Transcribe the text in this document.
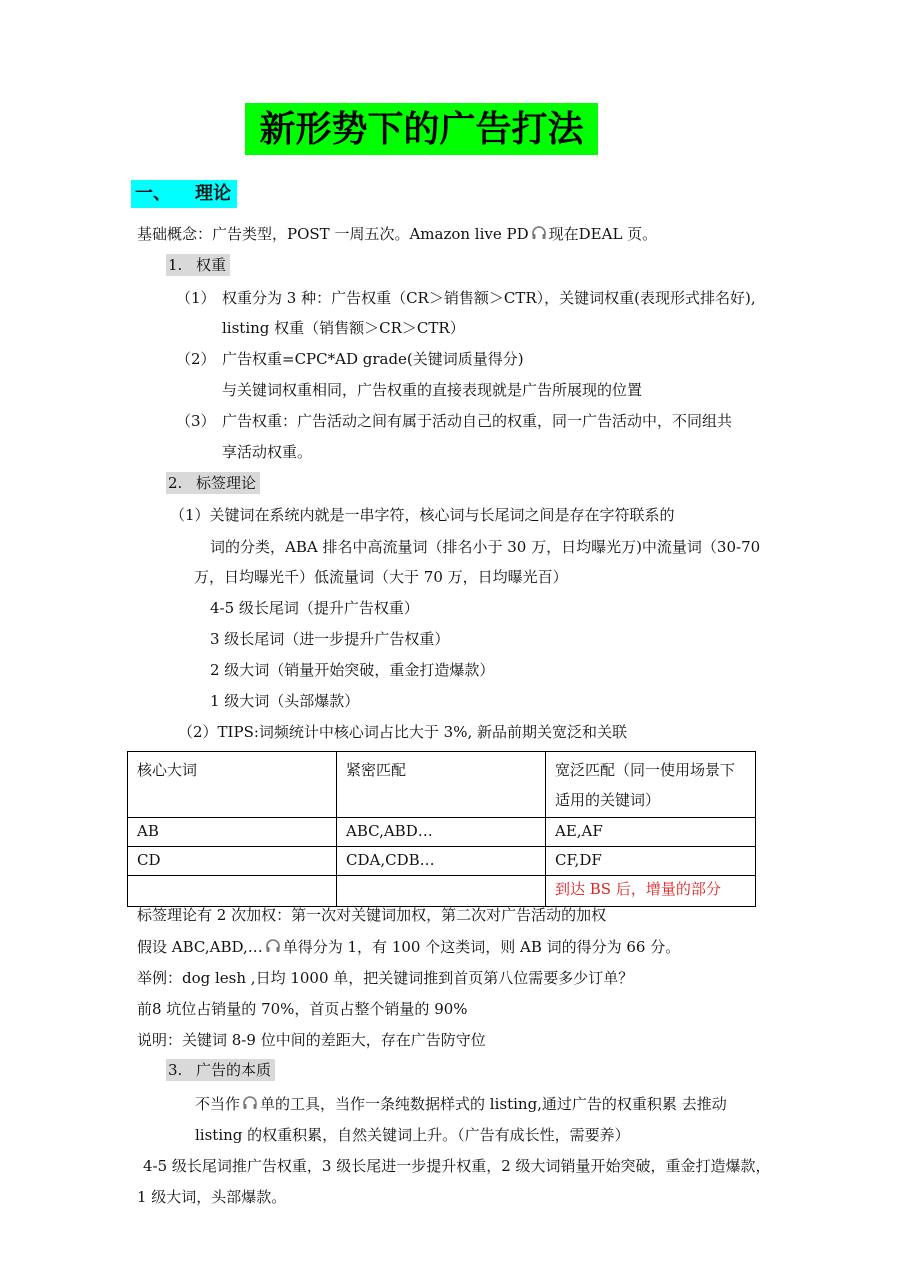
新形势下的广告打法
一、 理论
基础概念：广告类型，POST 一周五次。Amazon live PD 现在DEAL 页。
1. 权重
（1） 权重分为 3 种：广告权重（CR＞销售额＞CTR），关键词权重(表现形式排名好),
listing 权重（销售额＞CR＞CTR）
（2） 广告权重=CPC*AD grade(关键词质量得分)
与关键词权重相同，广告权重的直接表现就是广告所展现的位置
（3） 广告权重：广告活动之间有属于活动自己的权重，同一广告活动中，不同组共
享活动权重。
2. 标签理论
（1）关键词在系统内就是一串字符，核心词与长尾词之间是存在字符联系的
词的分类，ABA 排名中高流量词（排名小于 30 万，日均曝光万)中流量词（30-70
万，日均曝光千）低流量词（大于 70 万，日均曝光百）
4-5 级长尾词（提升广告权重）
3 级长尾词（进一步提升广告权重）
2 级大词（销量开始突破，重金打造爆款）
1 级大词（头部爆款）
（2）TIPS:词频统计中核心词占比大于 3%, 新品前期关宽泛和关联
核心大词	紧密匹配	宽泛匹配（同一使用场景下适用的关键词）
AB	ABC,ABD…	AE,AF
CD	CDA,CDB…	CF,DF
		到达 BS 后，增量的部分
标签理论有 2 次加权：第一次对关键词加权，第二次对广告活动的加权
假设 ABC,ABD,… 单得分为 1，有 100 个这类词，则 AB 词的得分为 66 分。
举例：dog lesh ,日均 1000 单，把关键词推到首页第八位需要多少订单？
前8 坑位占销量的 70%，首页占整个销量的 90%
说明：关键词 8-9 位中间的差距大，存在广告防守位
3. 广告的本质
不当作 单的工具，当作一条纯数据样式的 listing,通过广告的权重积累 去推动
listing 的权重积累，自然关键词上升。（广告有成长性，需要养）
4-5 级长尾词推广告权重，3 级长尾进一步提升权重，2 级大词销量开始突破，重金打造爆款，
1 级大词，头部爆款。
